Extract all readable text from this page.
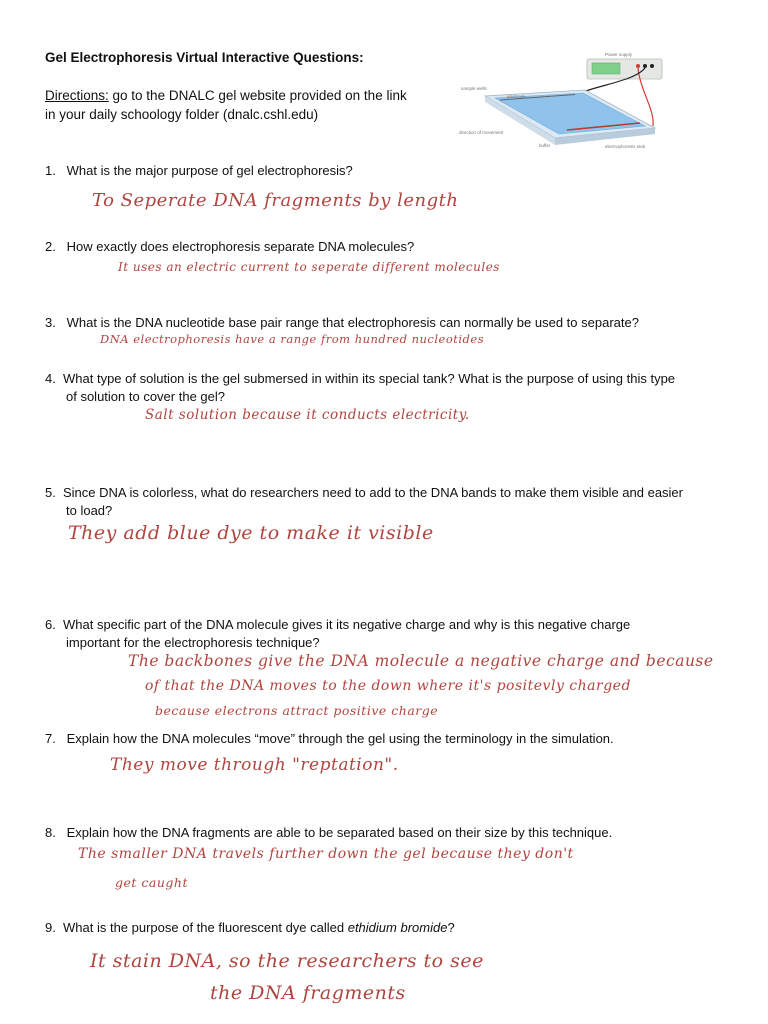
Gel Electrophoresis Virtual Interactive Questions:
Directions: go to the DNALC gel website provided on the link
in your daily schoology folder (dnalc.cshl.edu)
Power supply
sample wells
electrode
direction of movement
buffer	electrophoresis tank
1. What is the major purpose of gel electrophoresis?
To Seperate DNA fragments by length
2. How exactly does electrophoresis separate DNA molecules?
It uses an electric current to seperate different molecules
3. What is the DNA nucleotide base pair range that electrophoresis can normally be used to separate?
DNA electrophoresis have a range from hundred nucleotides
4. What type of solution is the gel submersed in within its special tank? What is the purpose of using this type
of solution to cover the gel?
Salt solution because it conducts electricity.
5. Since DNA is colorless, what do researchers need to add to the DNA bands to make them visible and easier
to load?
They add blue dye to make it visible
6. What specific part of the DNA molecule gives it its negative charge and why is this negative charge
important for the electrophoresis technique?
The backbones give the DNA molecule a negative charge and because
of that the DNA moves to the down where it's positevly charged
because electrons attract positive charge
7. Explain how the DNA molecules “move” through the gel using the terminology in the simulation.
They move through "reptation".
8. Explain how the DNA fragments are able to be separated based on their size by this technique.
The smaller DNA travels further down the gel because they don't
get caught
9. What is the purpose of the fluorescent dye called ethidium bromide?
It stain DNA, so the researchers to see
the DNA fragments
